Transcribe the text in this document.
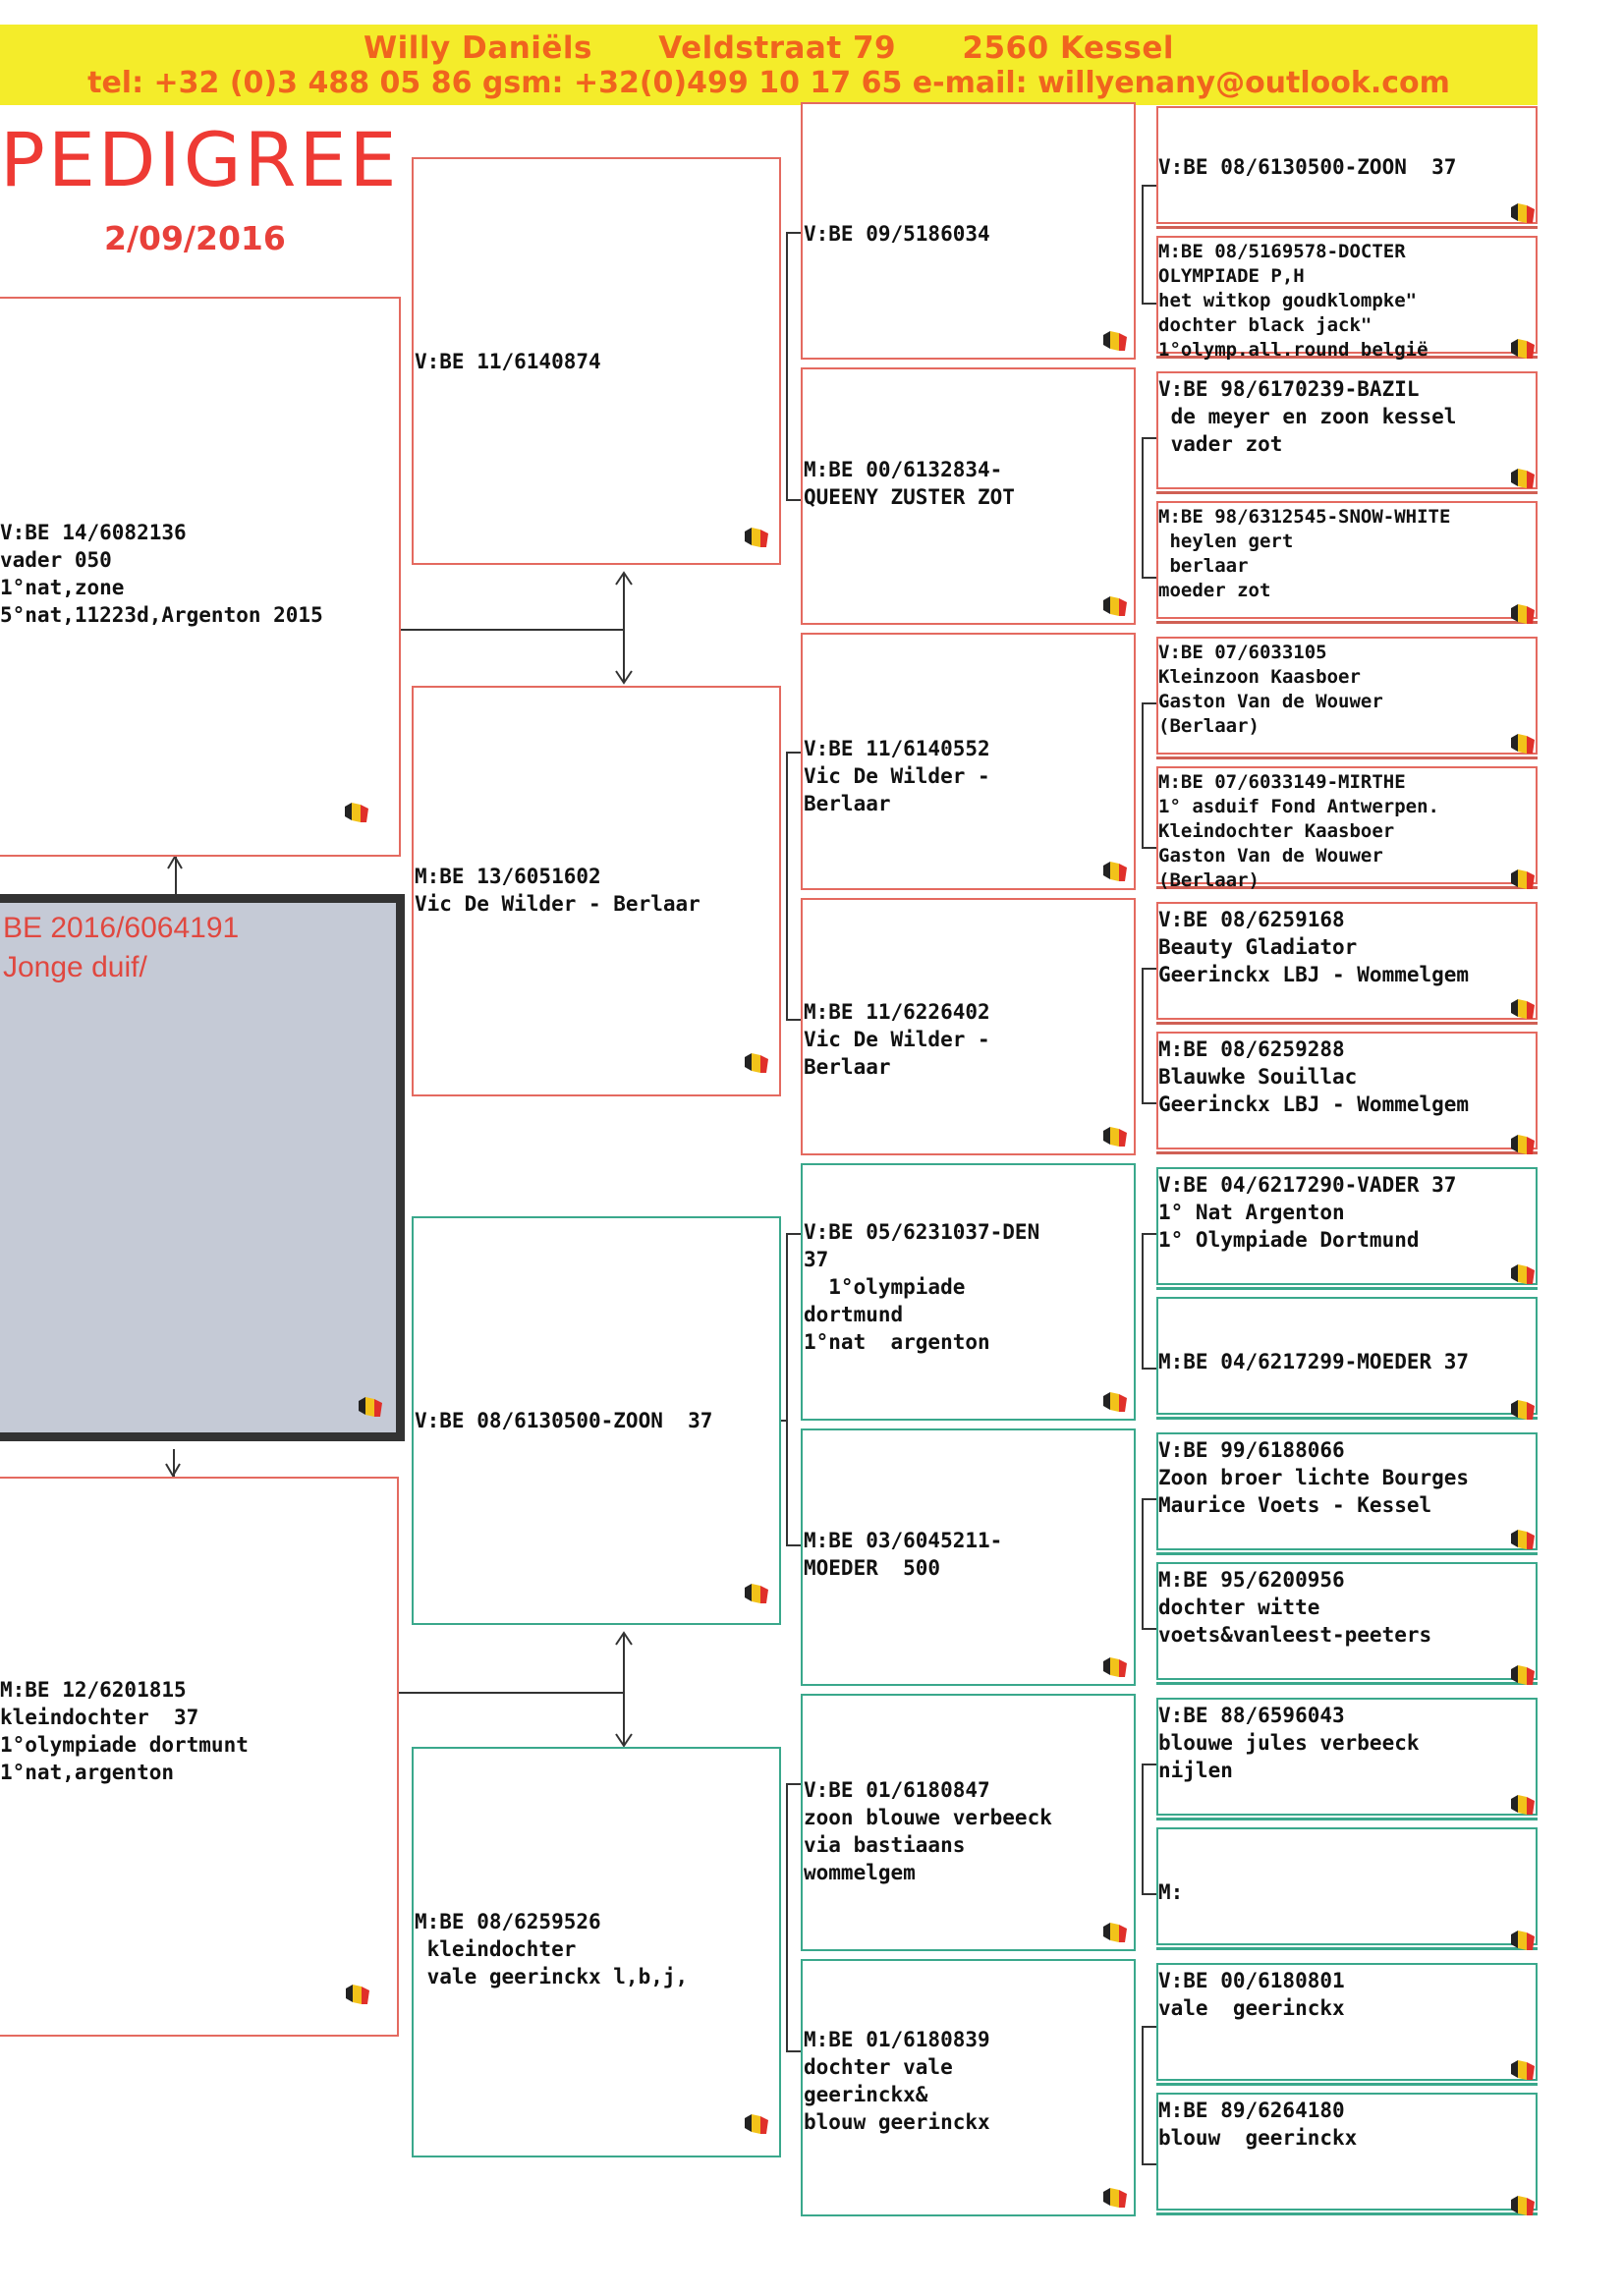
Willy Daniëls Veldstraat 79 2560 Kessel
tel: +32 (0)3 488 05 86 gsm: +32(0)499 10 17 65 e-mail: willyenany@outlook.com
PEDIGREE
2/09/2016
V:BE 14/6082136
vader 050
1°nat,zone
5°nat,11223d,Argenton 2015
M:BE 12/6201815
kleindochter  37
1°olympiade dortmunt
1°nat,argenton
BE 2016/6064191
Jonge duif/
V:BE 11/6140874
M:BE 13/6051602
Vic De Wilder - Berlaar
V:BE 08/6130500-ZOON  37
M:BE 08/6259526
kleindochter
vale geerinckx l,b,j,
V:BE 09/5186034
M:BE 00/6132834-
QUEENY ZUSTER ZOT
V:BE 11/6140552
Vic De Wilder -
Berlaar
M:BE 11/6226402
Vic De Wilder -
Berlaar
V:BE 05/6231037-DEN
37
1°olympiade
dortmund
1°nat  argenton
M:BE 03/6045211-
MOEDER  500
V:BE 01/6180847
zoon blouwe verbeeck
via bastiaans
wommelgem
M:BE 01/6180839
dochter vale
geerinckx&
blouw geerinckx
V:BE 08/6130500-ZOON  37
M:BE 08/5169578-DOCTER
OLYMPIADE P,H
het witkop goudklompke"
dochter black jack"
1°olymp.all.round belgië
V:BE 98/6170239-BAZIL
de meyer en zoon kessel
vader zot
M:BE 98/6312545-SNOW-WHITE
heylen gert
berlaar
moeder zot
V:BE 07/6033105
Kleinzoon Kaasboer
Gaston Van de Wouwer
(Berlaar)
M:BE 07/6033149-MIRTHE
1° asduif Fond Antwerpen.
Kleindochter Kaasboer
Gaston Van de Wouwer
(Berlaar)
V:BE 08/6259168
Beauty Gladiator
Geerinckx LBJ - Wommelgem
M:BE 08/6259288
Blauwke Souillac
Geerinckx LBJ - Wommelgem
V:BE 04/6217290-VADER 37
1° Nat Argenton
1° Olympiade Dortmund
M:BE 04/6217299-MOEDER 37
V:BE 99/6188066
Zoon broer lichte Bourges
Maurice Voets - Kessel
M:BE 95/6200956
dochter witte
voets&vanleest-peeters
V:BE 88/6596043
blouwe jules verbeeck
nijlen
M:
V:BE 00/6180801
vale  geerinckx
M:BE 89/6264180
blouw  geerinckx
